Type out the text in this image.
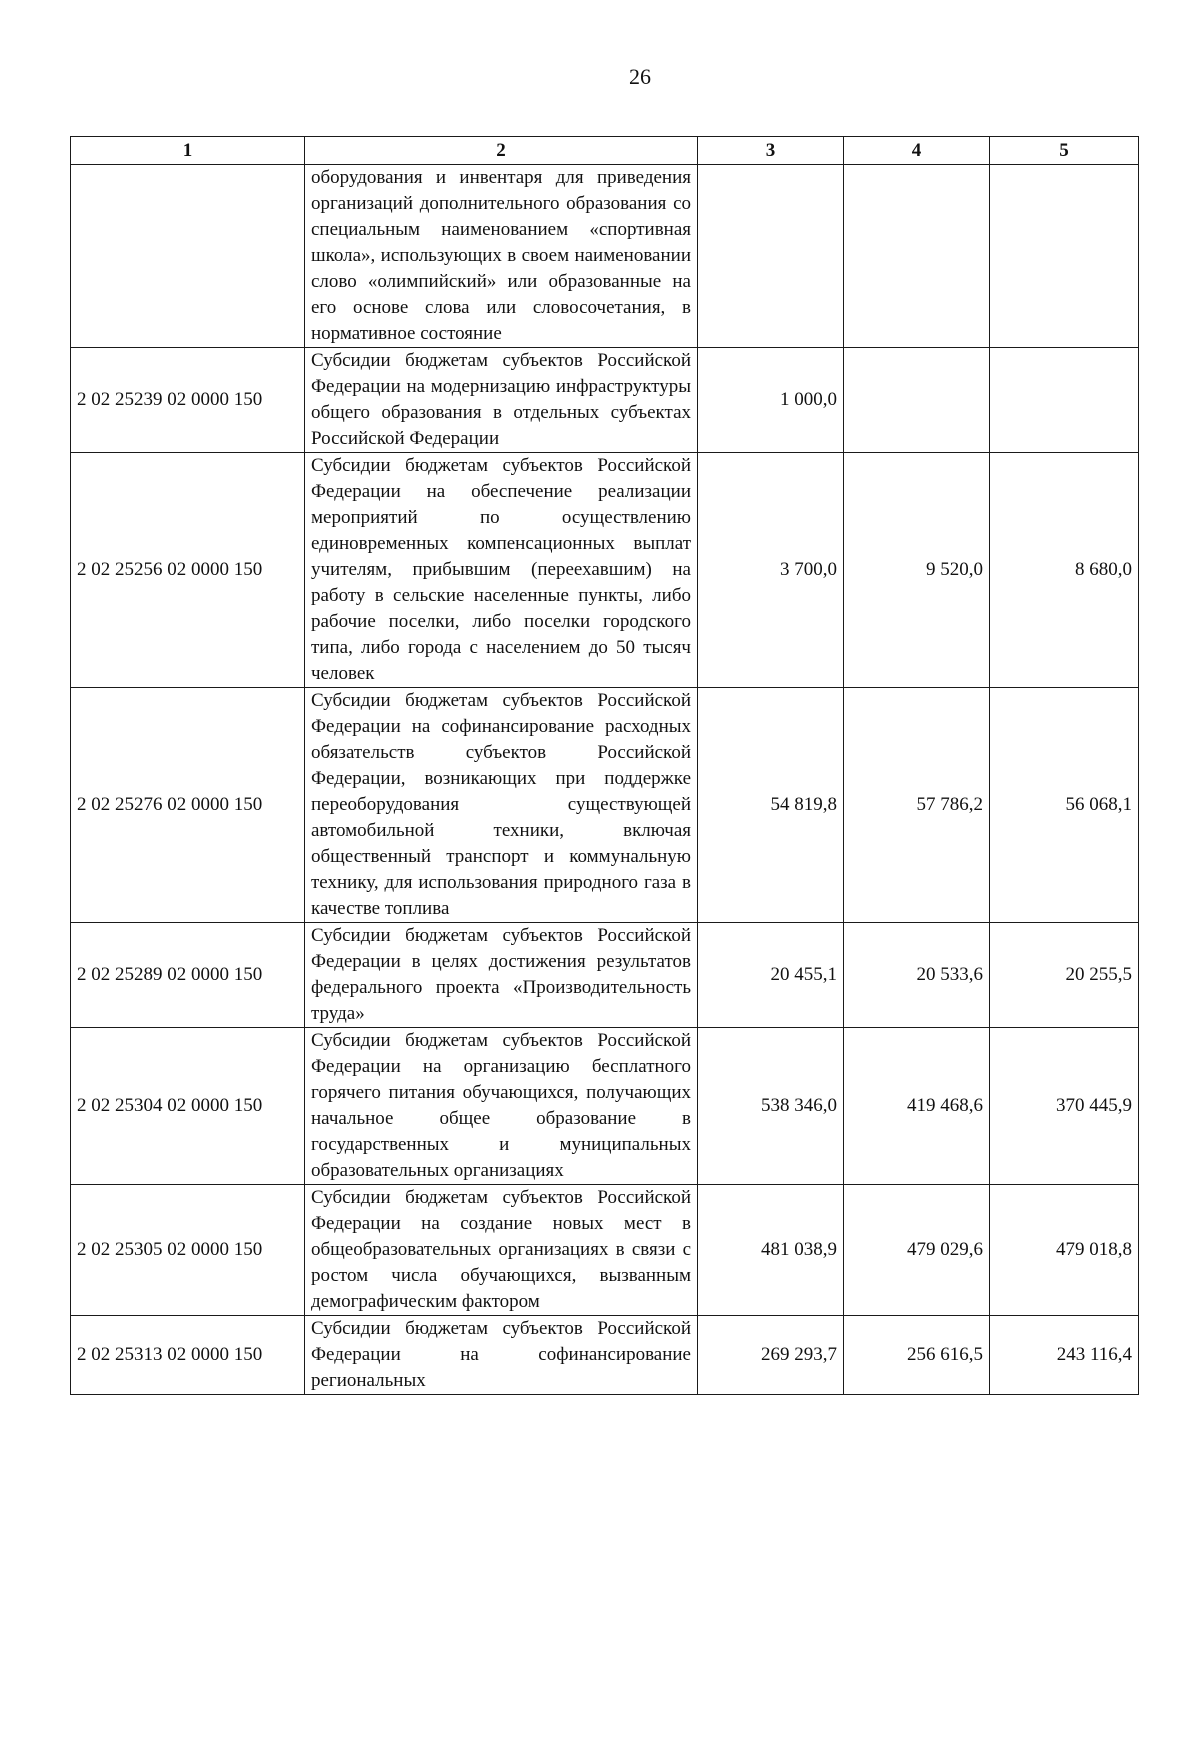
26
1	2	3	4	5
	оборудования и инвентаря для приведения организаций дополнительного образования со специальным наименованием «спортивная школа», использующих в своем наименовании слово «олимпийский» или образованные на его основе слова или словосочетания, в нормативное состояние			
2 02 25239 02 0000 150	Субсидии бюджетам субъектов Российской Федерации на модернизацию инфраструктуры общего образования в отдельных субъектах Российской Федерации	1 000,0		
2 02 25256 02 0000 150	Субсидии бюджетам субъектов Российской Федерации на обеспечение реализации мероприятий по осуществлению единовременных компенсационных выплат учителям, прибывшим (переехавшим) на работу в сельские населенные пункты, либо рабочие поселки, либо поселки городского типа, либо города с населением до 50 тысяч человек	3 700,0	9 520,0	8 680,0
2 02 25276 02 0000 150	Субсидии бюджетам субъектов Российской Федерации на софинансирование расходных обязательств субъектов Российской Федерации, возникающих при поддержке переоборудования существующей автомобильной техники, включая общественный транспорт и коммунальную технику, для использования природного газа в качестве топлива	54 819,8	57 786,2	56 068,1
2 02 25289 02 0000 150	Субсидии бюджетам субъектов Российской Федерации в целях достижения результатов федерального проекта «Производительность труда»	20 455,1	20 533,6	20 255,5
2 02 25304 02 0000 150	Субсидии бюджетам субъектов Российской Федерации на организацию бесплатного горячего питания обучающихся, получающих начальное общее образование в государственных и муниципальных образовательных организациях	538 346,0	419 468,6	370 445,9
2 02 25305 02 0000 150	Субсидии бюджетам субъектов Российской Федерации на создание новых мест в общеобразовательных организациях в связи с ростом числа обучающихся, вызванным демографическим фактором	481 038,9	479 029,6	479 018,8
2 02 25313 02 0000 150	Субсидии бюджетам субъектов Российской Федерации на софинансирование региональных	269 293,7	256 616,5	243 116,4
